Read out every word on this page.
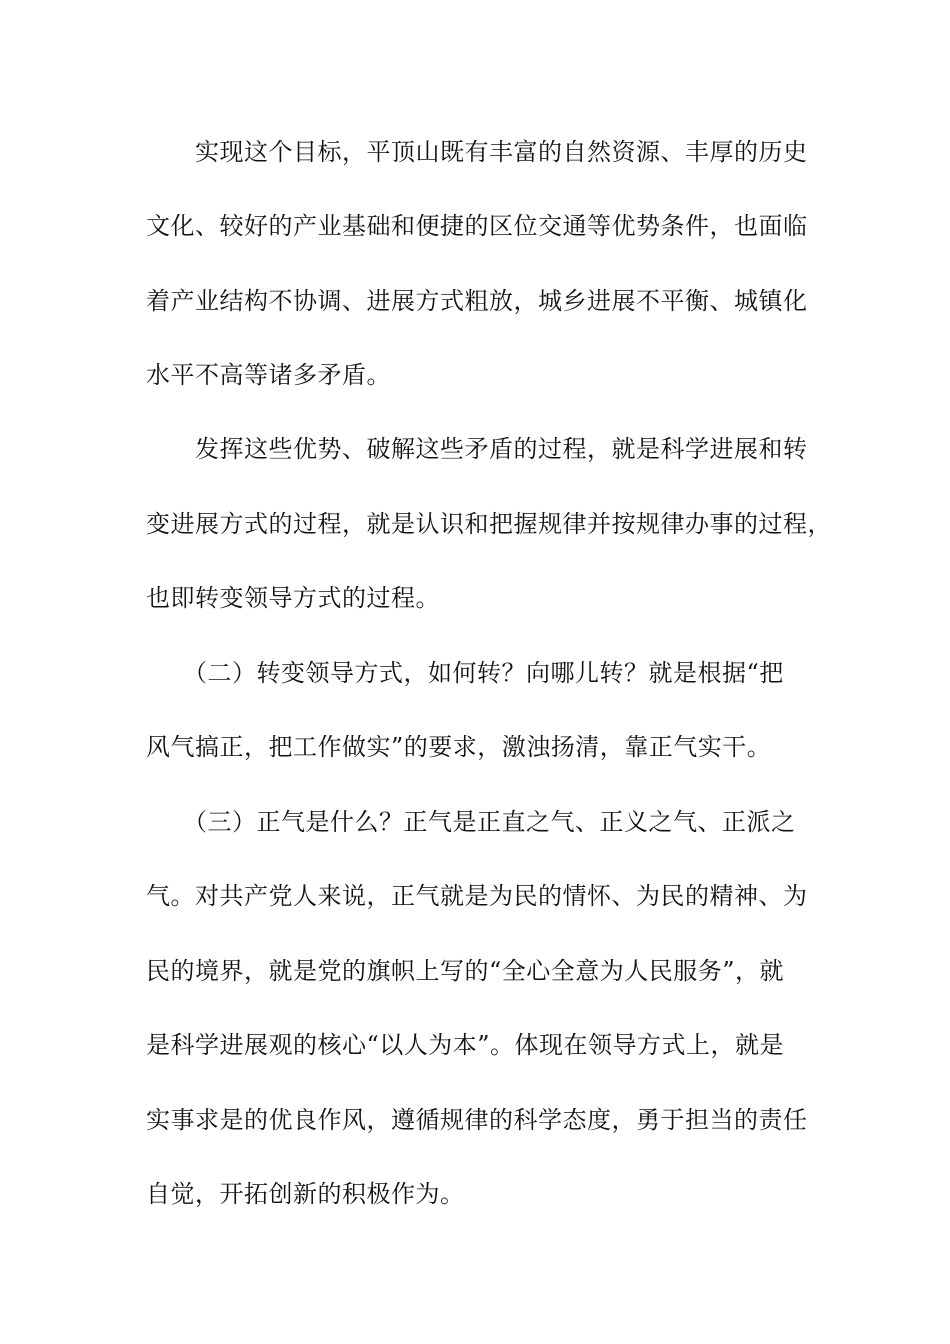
　　实现这个目标，平顶山既有丰富的自然资源、丰厚的历史
文化、较好的产业基础和便捷的区位交通等优势条件，也面临
着产业结构不协调、进展方式粗放，城乡进展不平衡、城镇化
水平不高等诸多矛盾。
　　发挥这些优势、破解这些矛盾的过程，就是科学进展和转
变进展方式的过程，就是认识和把握规律并按规律办事的过程，
也即转变领导方式的过程。
　　（二）转变领导方式，如何转？向哪儿转？就是根据“把
风气搞正，把工作做实”的要求，激浊扬清，靠正气实干。
　　（三）正气是什么？正气是正直之气、正义之气、正派之
气。对共产党人来说，正气就是为民的情怀、为民的精神、为
民的境界，就是党的旗帜上写的“全心全意为人民服务”，就
是科学进展观的核心“以人为本”。体现在领导方式上，就是
实事求是的优良作风，遵循规律的科学态度，勇于担当的责任
自觉，开拓创新的积极作为。
